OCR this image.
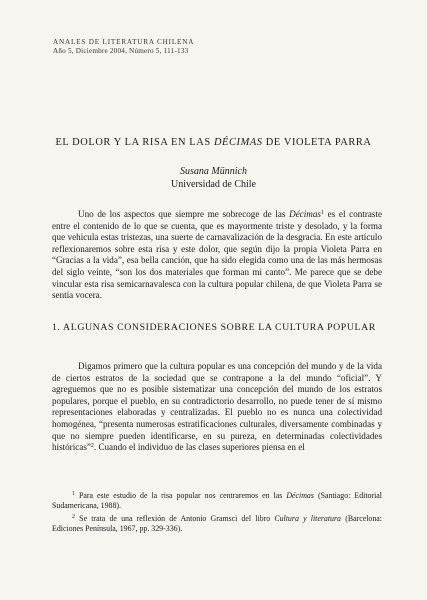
ANALES DE LITERATURA CHILENA
Año 5, Diciembre 2004, Número 5, 111-133
EL DOLOR Y LA RISA EN LAS DÉCIMAS DE VIOLETA PARRA
Susana Münnich
Universidad de Chile
Uno de los aspectos que siempre me sobrecoge de las Décimas$^1$ es el contraste entre el contenido de lo que se cuenta, que es mayormente triste y desolado, y la forma que vehicula estas tristezas, una suerte de carnavalización de la desgracia. En este artículo reflexionaremos sobre esta risa y este dolor, que según dijo la propia Violeta Parra en “Gracias a la vida”, esa bella canción, que ha sido elegida como una de las más hermosas del siglo veinte, “son los dos materiales que forman mi canto”. Me parece que se debe vincular esta risa semicarnavalesca con la cultura popular chilena, de que Violeta Parra se sentía vocera.
1. ALGUNAS CONSIDERACIONES SOBRE LA CULTURA POPULAR
Digamos primero que la cultura popular es una concepción del mundo y de la vida de ciertos estratos de la sociedad que se contrapone a la del mundo “oficial”. Y agreguemos que no es posible sistematizar una concepción del mundo de los estratos populares, porque el pueblo, en su contradictorio desarrollo, no puede tener de sí mismo representaciones elaboradas y centralizadas. El pueblo no es nunca una colectividad homogénea, “presenta numerosas estratificaciones culturales, diversamente combinadas y que no siempre pueden identificarse, en su pureza, en determinadas colectividades históricas”$^2$. Cuando el individuo de las clases superiores piensa en el
$^1$ Para este estudio de la risa popular nos centraremos en las Décimas (Santiago: Editorial Sudamericana, 1988).
$^2$ Se trata de una reflexión de Antonio Gramsci del libro Cultura y literatura (Barcelona: Ediciones Península, 1967, pp. 329-336).
